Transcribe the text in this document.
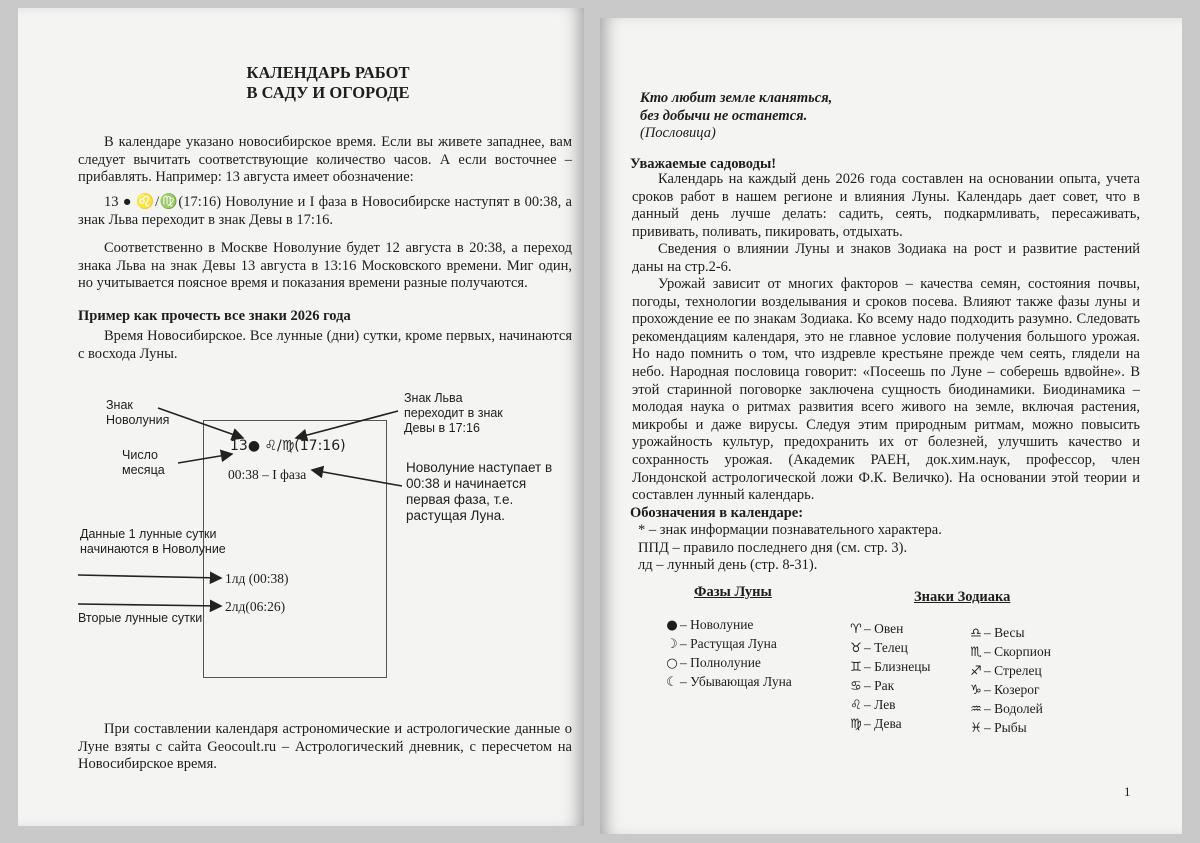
КАЛЕНДАРЬ РАБОТ
В САДУ И ОГОРОДЕ
В календаре указано новосибирское время. Если вы живете западнее, вам следует вычитать соответствующие количество часов. А если восточнее – прибавлять. Например: 13 августа имеет обозначение:
13 ● ♌/♍(17:16) Новолуние и I фаза в Новосибирске наступят в 00:38, а знак Льва переходит в знак Девы в 17:16.
Соответственно в Москве Новолуние будет 12 августа в 20:38, а переход знака Льва на знак Девы 13 августа в 13:16 Московского времени. Миг один, но учитывается поясное время и показания времени разные получаются.
Пример как прочесть все знаки 2026 года
Время Новосибирское. Все лунные (дни) сутки, кроме первых, начинаются с восхода Луны.
Знак Новолуния
Знак Льва
переходит в знак
Девы в 17:16
Число
месяца
13● ♌/♍(17:16)
00:38 – I фаза	Новолуние наступает в
00:38 и начинается
первая фаза, т.е.
растущая Луна.
Данные 1 лунные сутки
начинаются в Новолуние
1лд (00:38)
2лд(06:26)
Вторые лунные сутки
При составлении календаря астрономические и астрологические данные о Луне взяты с сайта Geocoult.ru – Астрологический дневник, с пересчетом на Новосибирское время.
Кто любит земле кланяться,
без добычи не останется.
(Пословица)
Уважаемые садоводы!
Календарь на каждый день 2026 года составлен на основании опыта, учета сроков работ в нашем регионе и влияния Луны. Календарь дает совет, что в данный день лучше делать: садить, сеять, подкармливать, пересаживать, прививать, поливать, пикировать, отдыхать.
Сведения о влиянии Луны и знаков Зодиака на рост и развитие растений даны на стр.2-6.
Урожай зависит от многих факторов – качества семян, состояния почвы, погоды, технологии возделывания и сроков посева. Влияют также фазы луны и прохождение ее по знакам Зодиака. Ко всему надо подходить разумно. Следовать рекомендациям календаря, это не главное условие получения большого урожая. Но надо помнить о том, что издревле крестьяне прежде чем сеять, глядели на небо. Народная пословица говорит: «Посеешь по Луне – соберешь вдвойне». В этой старинной поговорке заключена сущность биодинамики. Биодинамика – молодая наука о ритмах развития всего живого на земле, включая растения, микробы и даже вирусы. Следуя этим природным ритмам, можно повысить урожайность культур, предохранить их от болезней, улучшить качество и сохранность урожая. (Академик РАЕН, док.хим.наук, профессор, член Лондонской астрологической ложи Ф.К. Величко). На основании этой теории и составлен лунный календарь.
Обозначения в календаре:
* – знак информации познавательного характера.
ППД – правило последнего дня (см. стр. 3).
лд – лунный день (стр. 8-31).
Фазы Луны	Знаки Зодиака
● – Новолуние
☽ – Растущая Луна
○ – Полнолуние
☾ – Убывающая Луна
♈ – Овен
♉ – Телец
♊ – Близнецы
♋ – Рак
♌ – Лев
♍ – Дева
♎ – Весы
♏ – Скорпион
♐ – Стрелец
♑ – Козерог
♒ – Водолей
♓ – Рыбы
1
